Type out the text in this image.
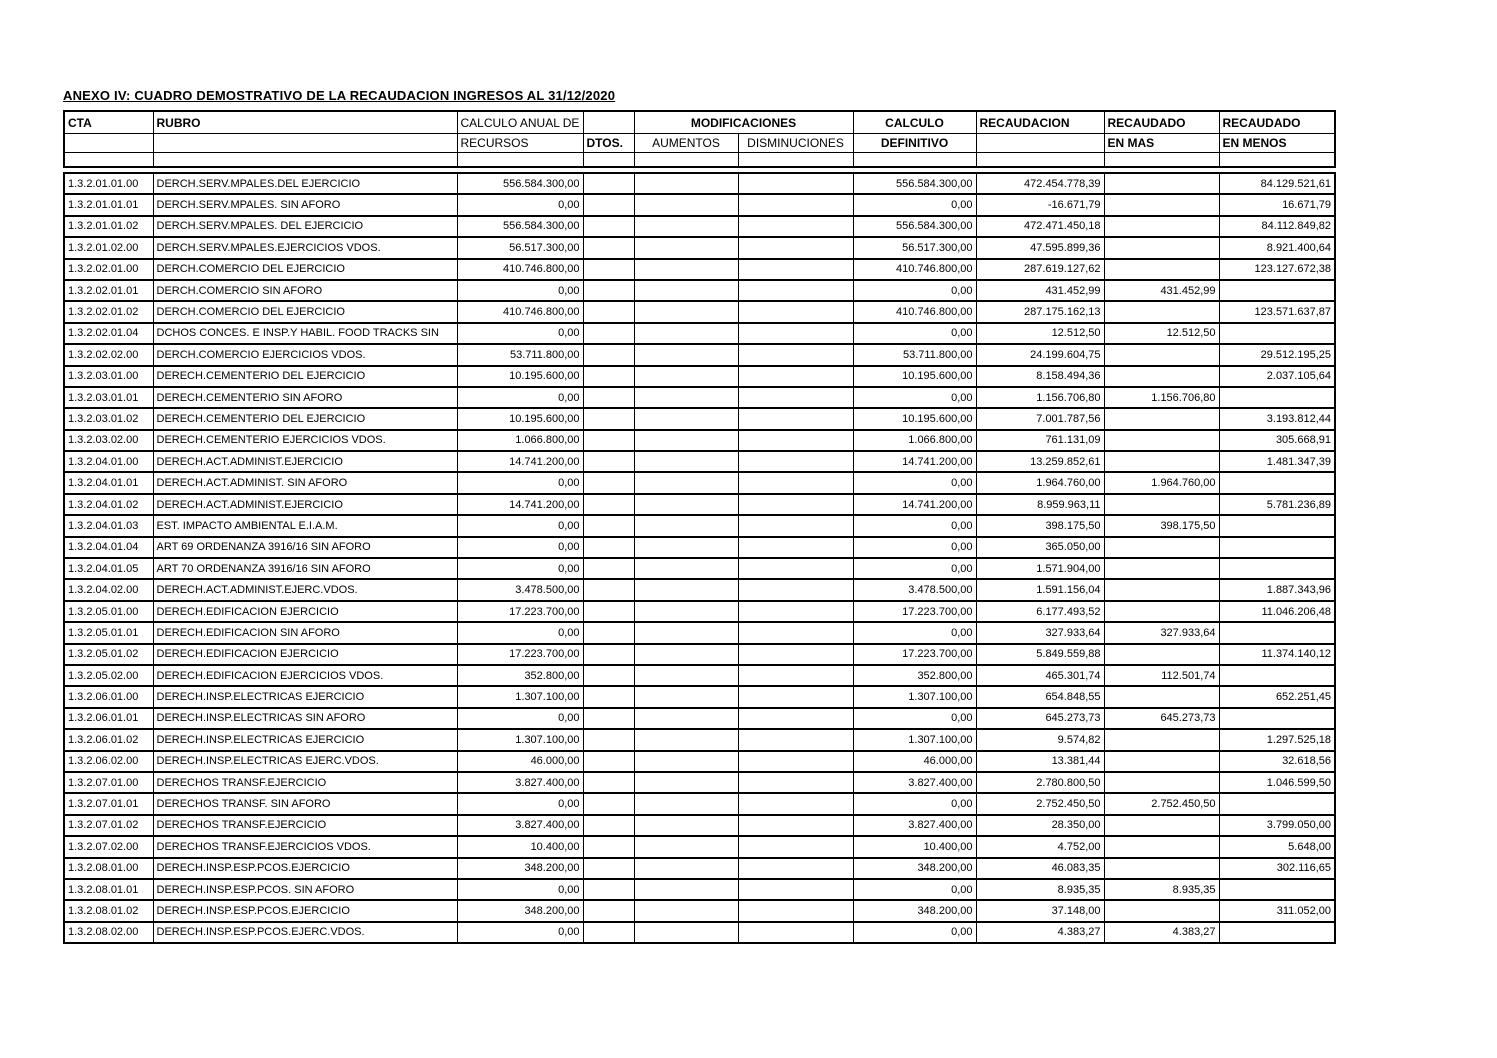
ANEXO IV: CUADRO DEMOSTRATIVO DE LA RECAUDACION INGRESOS AL 31/12/2020
CTA	RUBRO	CALCULO ANUAL DE		MODIFICACIONES		CALCULO	RECAUDACION	RECAUDADO	RECAUDADO
		RECURSOS	DTOS.	AUMENTOS	DISMINUCIONES	DEFINITIVO		EN MAS	EN MENOS

1.3.2.01.01.00	DERCH.SERV.MPALES.DEL EJERCICIO	556.584.300,00				556.584.300,00	472.454.778,39		84.129.521,61
1.3.2.01.01.01	DERCH.SERV.MPALES. SIN AFORO	0,00				0,00	-16.671,79		16.671,79
1.3.2.01.01.02	DERCH.SERV.MPALES. DEL EJERCICIO	556.584.300,00				556.584.300,00	472.471.450,18		84.112.849,82
1.3.2.01.02.00	DERCH.SERV.MPALES.EJERCICIOS VDOS.	56.517.300,00				56.517.300,00	47.595.899,36		8.921.400,64
1.3.2.02.01.00	DERCH.COMERCIO DEL EJERCICIO	410.746.800,00				410.746.800,00	287.619.127,62		123.127.672,38
1.3.2.02.01.01	DERCH.COMERCIO SIN AFORO	0,00				0,00	431.452,99	431.452,99	
1.3.2.02.01.02	DERCH.COMERCIO DEL EJERCICIO	410.746.800,00				410.746.800,00	287.175.162,13		123.571.637,87
1.3.2.02.01.04	DCHOS CONCES. E INSP.Y HABIL. FOOD TRACKS SIN	0,00				0,00	12.512,50	12.512,50	
1.3.2.02.02.00	DERCH.COMERCIO EJERCICIOS VDOS.	53.711.800,00				53.711.800,00	24.199.604,75		29.512.195,25
1.3.2.03.01.00	DERECH.CEMENTERIO DEL EJERCICIO	10.195.600,00				10.195.600,00	8.158.494,36		2.037.105,64
1.3.2.03.01.01	DERECH.CEMENTERIO SIN AFORO	0,00				0,00	1.156.706,80	1.156.706,80	
1.3.2.03.01.02	DERECH.CEMENTERIO DEL EJERCICIO	10.195.600,00				10.195.600,00	7.001.787,56		3.193.812,44
1.3.2.03.02.00	DERECH.CEMENTERIO EJERCICIOS VDOS.	1.066.800,00				1.066.800,00	761.131,09		305.668,91
1.3.2.04.01.00	DERECH.ACT.ADMINIST.EJERCICIO	14.741.200,00				14.741.200,00	13.259.852,61		1.481.347,39
1.3.2.04.01.01	DERECH.ACT.ADMINIST. SIN AFORO	0,00				0,00	1.964.760,00	1.964.760,00	
1.3.2.04.01.02	DERECH.ACT.ADMINIST.EJERCICIO	14.741.200,00				14.741.200,00	8.959.963,11		5.781.236,89
1.3.2.04.01.03	EST. IMPACTO AMBIENTAL E.I.A.M.	0,00				0,00	398.175,50	398.175,50	
1.3.2.04.01.04	ART 69 ORDENANZA 3916/16 SIN AFORO	0,00				0,00	365.050,00		
1.3.2.04.01.05	ART 70 ORDENANZA 3916/16 SIN AFORO	0,00				0,00	1.571.904,00		
1.3.2.04.02.00	DERECH.ACT.ADMINIST.EJERC.VDOS.	3.478.500,00				3.478.500,00	1.591.156,04		1.887.343,96
1.3.2.05.01.00	DERECH.EDIFICACION EJERCICIO	17.223.700,00				17.223.700,00	6.177.493,52		11.046.206,48
1.3.2.05.01.01	DERECH.EDIFICACION SIN AFORO	0,00				0,00	327.933,64	327.933,64	
1.3.2.05.01.02	DERECH.EDIFICACION EJERCICIO	17.223.700,00				17.223.700,00	5.849.559,88		11.374.140,12
1.3.2.05.02.00	DERECH.EDIFICACION EJERCICIOS VDOS.	352.800,00				352.800,00	465.301,74	112.501,74	
1.3.2.06.01.00	DERECH.INSP.ELECTRICAS EJERCICIO	1.307.100,00				1.307.100,00	654.848,55		652.251,45
1.3.2.06.01.01	DERECH.INSP.ELECTRICAS SIN AFORO	0,00				0,00	645.273,73	645.273,73	
1.3.2.06.01.02	DERECH.INSP.ELECTRICAS EJERCICIO	1.307.100,00				1.307.100,00	9.574,82		1.297.525,18
1.3.2.06.02.00	DERECH.INSP.ELECTRICAS EJERC.VDOS.	46.000,00				46.000,00	13.381,44		32.618,56
1.3.2.07.01.00	DERECHOS TRANSF.EJERCICIO	3.827.400,00				3.827.400,00	2.780.800,50		1.046.599,50
1.3.2.07.01.01	DERECHOS TRANSF. SIN AFORO	0,00				0,00	2.752.450,50	2.752.450,50	
1.3.2.07.01.02	DERECHOS TRANSF.EJERCICIO	3.827.400,00				3.827.400,00	28.350,00		3.799.050,00
1.3.2.07.02.00	DERECHOS TRANSF.EJERCICIOS VDOS.	10.400,00				10.400,00	4.752,00		5.648,00
1.3.2.08.01.00	DERECH.INSP.ESP.PCOS.EJERCICIO	348.200,00				348.200,00	46.083,35		302.116,65
1.3.2.08.01.01	DERECH.INSP.ESP.PCOS. SIN AFORO	0,00				0,00	8.935,35	8.935,35	
1.3.2.08.01.02	DERECH.INSP.ESP.PCOS.EJERCICIO	348.200,00				348.200,00	37.148,00		311.052,00
1.3.2.08.02.00	DERECH.INSP.ESP.PCOS.EJERC.VDOS.	0,00				0,00	4.383,27	4.383,27	
